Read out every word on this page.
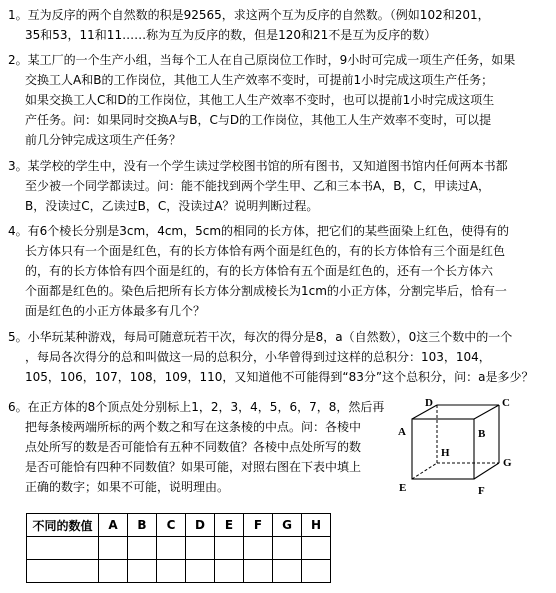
1。互为反序的两个自然数的积是92565，求这两个互为反序的自然数。（例如102和201，
35和53，11和11……称为互为反序的数，但是120和21不是互为反序的数）
2。某工厂的一个生产小组，当每个工人在自己原岗位工作时，9小时可完成一项生产任务，如果
交换工人A和B的工作岗位，其他工人生产效率不变时，可提前1小时完成这项生产任务；
如果交换工人C和D的工作岗位，其他工人生产效率不变时，也可以提前1小时完成这项生
产任务。问：如果同时交换A与B，C与D的工作岗位，其他工人生产效率不变时，可以提
前几分钟完成这项生产任务？
3。某学校的学生中，没有一个学生读过学校图书馆的所有图书，又知道图书馆内任何两本书都
至少被一个同学都读过。问：能不能找到两个学生甲、乙和三本书A，B，C，甲读过A，
B，没读过C，乙读过B，C，没读过A？说明判断过程。
4。有6个棱长分别是3cm，4cm，5cm的相同的长方体，把它们的某些面染上红色，使得有的
长方体只有一个面是红色，有的长方体恰有两个面是红色的，有的长方体恰有三个面是红色
的，有的长方体恰有四个面是红的，有的长方体恰有五个面是红色的，还有一个长方体六
个面都是红色的。染色后把所有长方体分割成棱长为1cm的小正方体，分割完毕后，恰有一
面是红色的小正方体最多有几个？
5。小华玩某种游戏，每局可随意玩若干次，每次的得分是8，a（自然数），0这三个数中的一个
，每局各次得分的总和叫做这一局的总积分，小华曾得到过这样的总积分：103，104，
105，106，107，108，109，110，又知道他不可能得到“83分”这个总积分，问：a是多少？
6。在正方体的8个顶点处分别标上1，2，3，4，5，6，7，8，然后再
把每条棱两端所标的两个数之和写在这条棱的中点。问：各棱中
点处所写的数是否可能恰有五种不同数值？各棱中点处所写的数
是否可能恰有四种不同数值？如果可能，对照右图在下表中填上
正确的数字；如果不可能，说明理由。
D	C
A	B
H
G
E	F
不同的数值	A	B	C	D	E	F	G	H
